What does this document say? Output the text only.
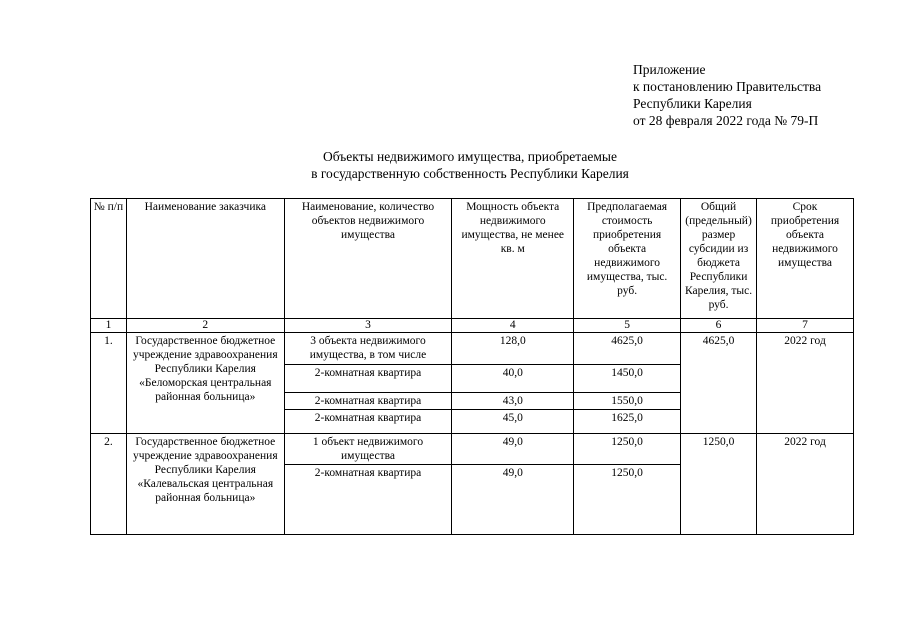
Приложение
к постановлению Правительства
Республики Карелия
от 28 февраля 2022 года № 79-П
Объекты недвижимого имущества, приобретаемые
в государственную собственность Республики Карелия
№ п/п	Наименование заказчика	Наименование, количество объектов недвижимого имущества	Мощность объекта недвижимого имущества, не менее кв. м	Предполагаемая стоимость приобретения объекта недвижимого имущества, тыс. руб.	Общий (предельный) размер субсидии из бюджета Республики Карелия, тыс. руб.	Срок приобретения объекта недвижимого имущества
1	2	3	4	5	6	7
1.	Государственное бюджетное учреждение здравоохранения Республики Карелия «Беломорская центральная районная больница»	3 объекта недвижимого имущества, в том числе	128,0	4625,0	4625,0	2022 год
		2-комнатная квартира	40,0	1450,0		
		2-комнатная квартира	43,0	1550,0		
		2-комнатная квартира	45,0	1625,0		
2.	Государственное бюджетное учреждение здравоохранения Республики Карелия «Калевальская центральная районная больница»	1 объект недвижимого имущества	49,0	1250,0	1250,0	2022 год
		2-комнатная квартира	49,0	1250,0		
